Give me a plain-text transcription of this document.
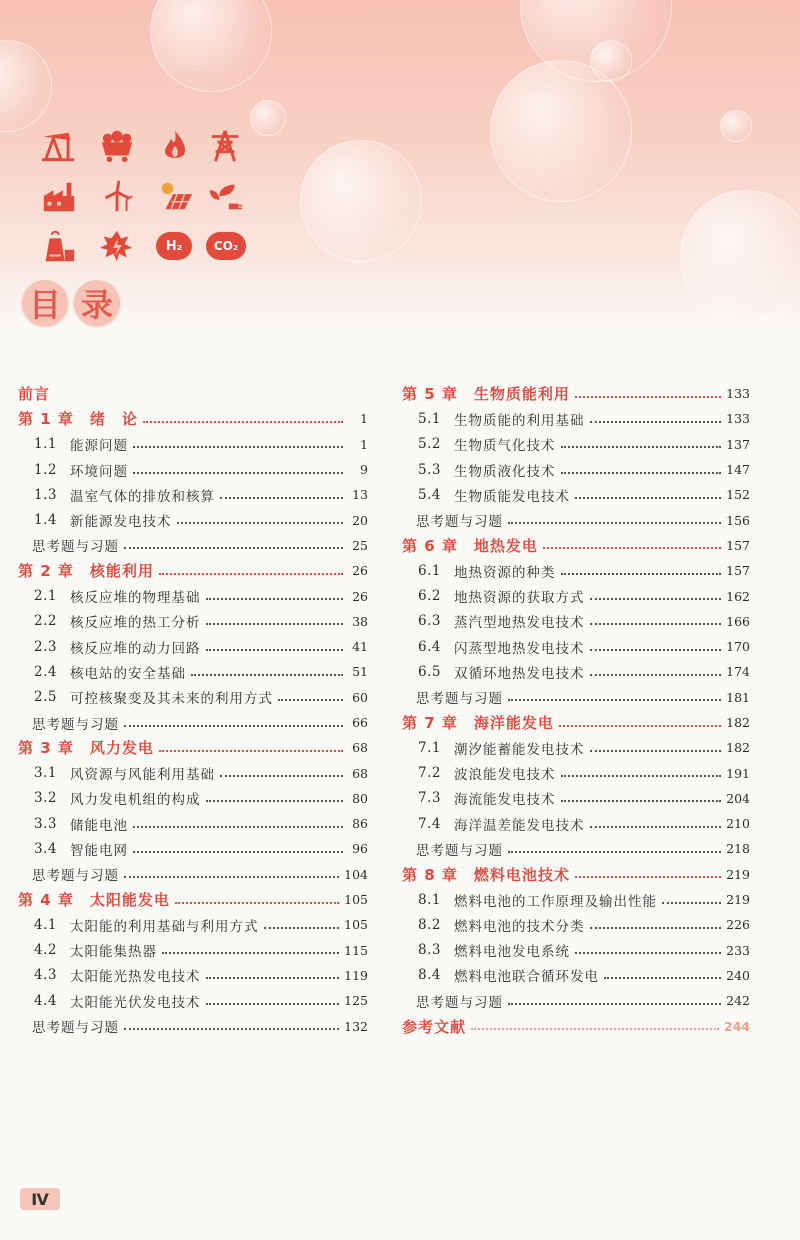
H₂	CO₂
目 录
前言
第 1 章 绪　论	1
1.1 能源问题	1
1.2 环境问题	9
1.3 温室气体的排放和核算	13
1.4 新能源发电技术	20
思考题与习题	25
第 2 章 核能利用	26
2.1 核反应堆的物理基础	26
2.2 核反应堆的热工分析	38
2.3 核反应堆的动力回路	41
2.4 核电站的安全基础	51
2.5 可控核聚变及其未来的利用方式	60
思考题与习题	66
第 3 章 风力发电	68
3.1 风资源与风能利用基础	68
3.2 风力发电机组的构成	80
3.3 储能电池	86
3.4 智能电网	96
思考题与习题	104
第 4 章 太阳能发电	105
4.1 太阳能的利用基础与利用方式	105
4.2 太阳能集热器	115
4.3 太阳能光热发电技术	119
4.4 太阳能光伏发电技术	125
思考题与习题	132
第 5 章 生物质能利用	133
5.1 生物质能的利用基础	133
5.2 生物质气化技术	137
5.3 生物质液化技术	147
5.4 生物质能发电技术	152
思考题与习题	156
第 6 章 地热发电	157
6.1 地热资源的种类	157
6.2 地热资源的获取方式	162
6.3 蒸汽型地热发电技术	166
6.4 闪蒸型地热发电技术	170
6.5 双循环地热发电技术	174
思考题与习题	181
第 7 章 海洋能发电	182
7.1 潮汐能蓄能发电技术	182
7.2 波浪能发电技术	191
7.3 海流能发电技术	204
7.4 海洋温差能发电技术	210
思考题与习题	218
第 8 章 燃料电池技术	219
8.1 燃料电池的工作原理及输出性能	219
8.2 燃料电池的技术分类	226
8.3 燃料电池发电系统	233
8.4 燃料电池联合循环发电	240
思考题与习题	242
参考文献	244
Ⅳ
